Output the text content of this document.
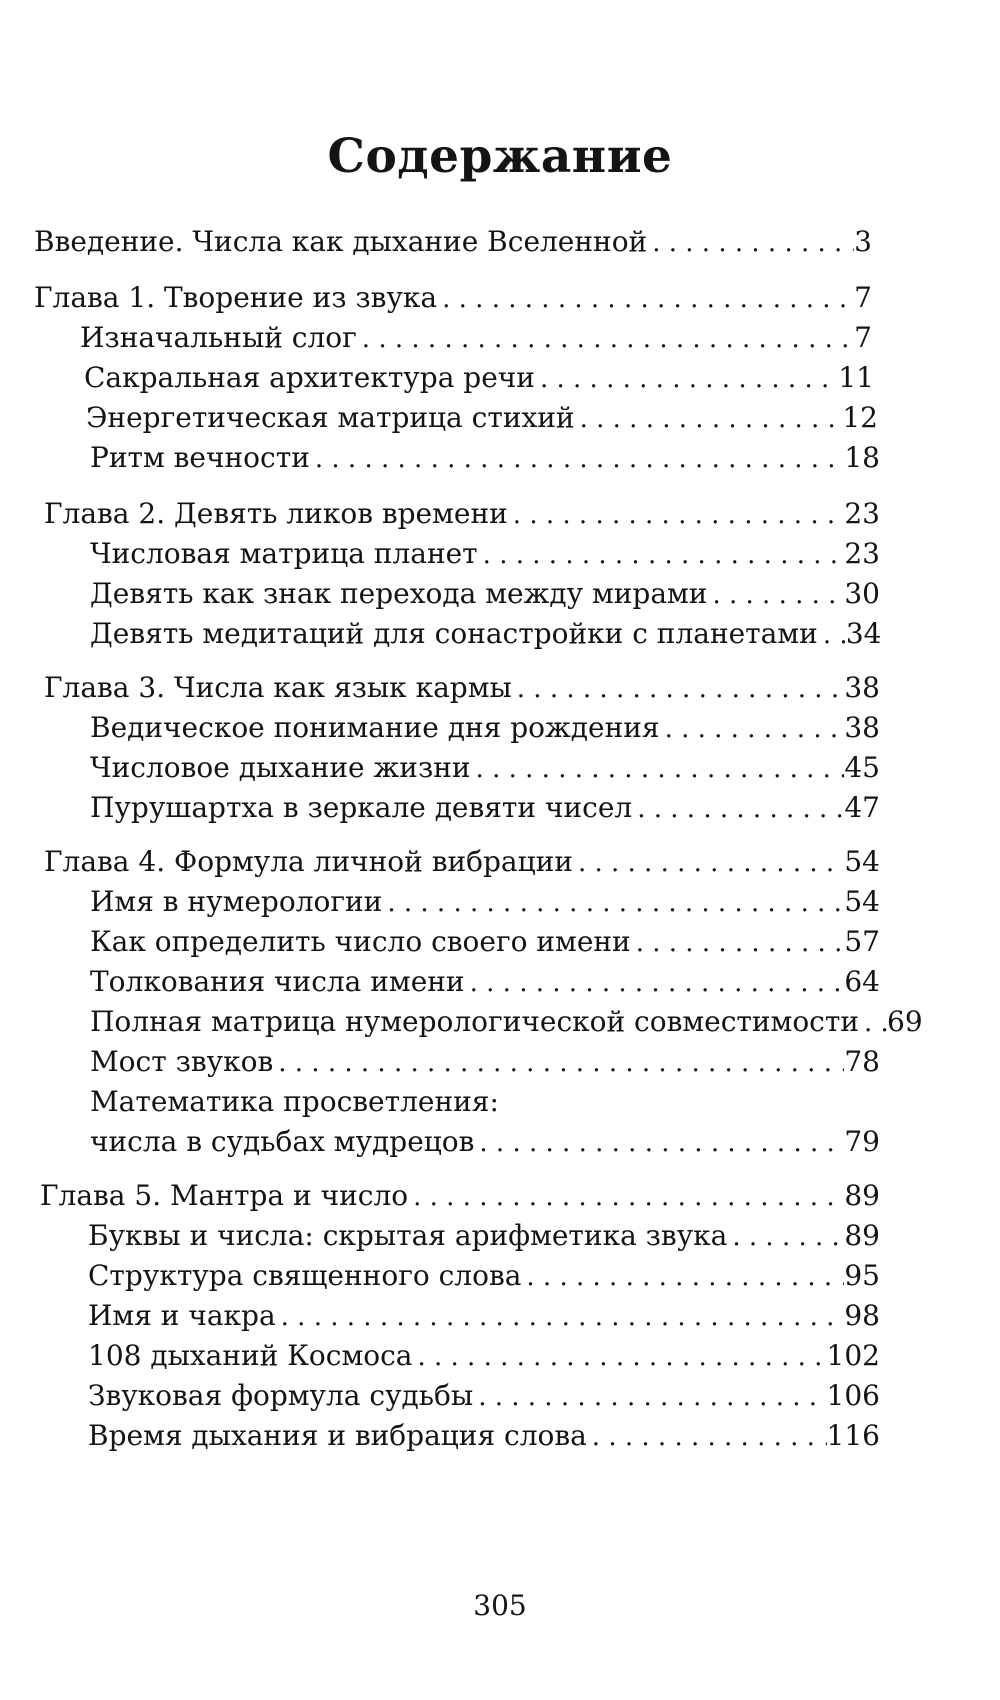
Содержание
Введение. Числа как дыхание Вселенной . . .	3
Глава 1. Творение из звука . . .	7
Изначальный слог . . .	7
Сакральная архитектура речи . . .	11
Энергетическая матрица стихий . . .	12
Ритм вечности . . .	18
Глава 2. Девять ликов времени . . .	23
Числовая матрица планет . . .	23
Девять как знак перехода между мирами . . .	30
Девять медитаций для сонастройки с планетами . . . 34
Глава 3. Числа как язык кармы . . .	38
Ведическое понимание дня рождения . . .	38
Числовое дыхание жизни . . .	45
Пурушартха в зеркале девяти чисел . . .	47
Глава 4. Формула личной вибрации . . .	54
Имя в нумерологии . . .	54
Как определить число своего имени . . .	57
Толкования числа имени . . .	64
Полная матрица нумерологической совместимости . . . 69
Мост звуков . . .	78
Математика просветления:
числа в судьбах мудрецов . . .	79
Глава 5. Мантра и число . . .	89
Буквы и числа: скрытая арифметика звука . . .	89
Структура священного слова . . .	95
Имя и чакра . . .	98
108 дыханий Космоса . . .	102
Звуковая формула судьбы . . .	106
Время дыхания и вибрация слова . . .	116
305
